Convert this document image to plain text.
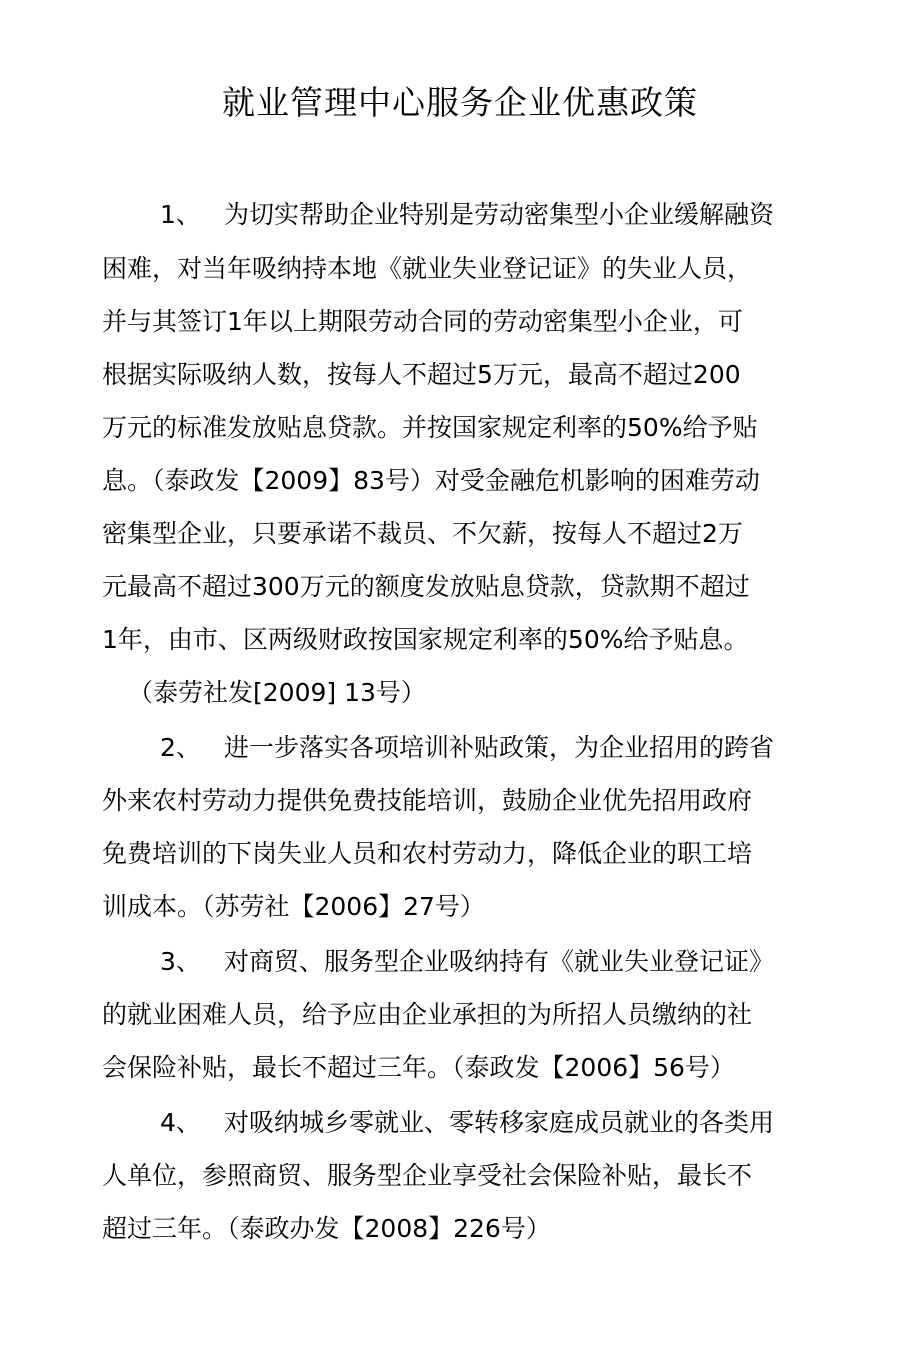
就业管理中心服务企业优惠政策
1、 为切实帮助企业特别是劳动密集型小企业缓解融资
困难，对当年吸纳持本地《就业失业登记证》的失业人员，
并与其签订1年以上期限劳动合同的劳动密集型小企业，可
根据实际吸纳人数，按每人不超过5万元，最高不超过200
万元的标准发放贴息贷款。并按国家规定利率的50%给予贴
息。（泰政发【2009】83号）对受金融危机影响的困难劳动
密集型企业，只要承诺不裁员、不欠薪，按每人不超过2万
元最高不超过300万元的额度发放贴息贷款，贷款期不超过
1年，由市、区两级财政按国家规定利率的50%给予贴息。
（泰劳社发[2009] 13号）
2、 进一步落实各项培训补贴政策，为企业招用的跨省
外来农村劳动力提供免费技能培训，鼓励企业优先招用政府
免费培训的下岗失业人员和农村劳动力，降低企业的职工培
训成本。（苏劳社【2006】27号）
3、 对商贸、服务型企业吸纳持有《就业失业登记证》
的就业困难人员，给予应由企业承担的为所招人员缴纳的社
会保险补贴，最长不超过三年。（泰政发【2006】56号）
4、 对吸纳城乡零就业、零转移家庭成员就业的各类用
人单位，参照商贸、服务型企业享受社会保险补贴，最长不
超过三年。（泰政办发【2008】226号）
